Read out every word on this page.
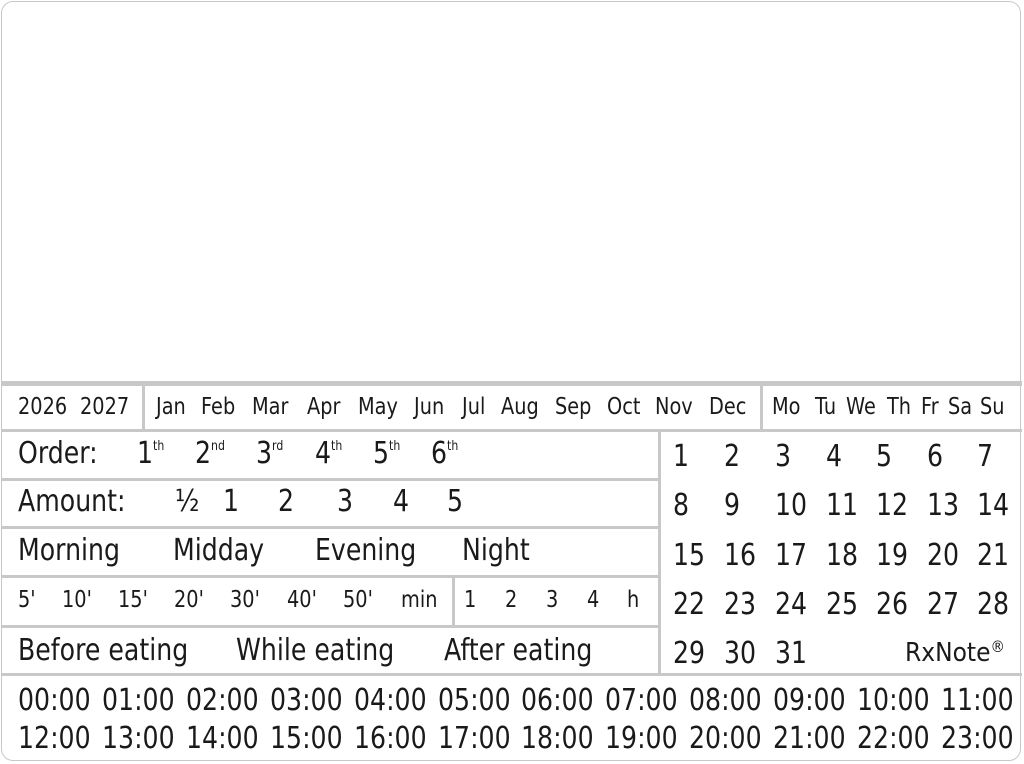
2026 2027 Jan Feb Mar Apr May Jun Jul Aug Sep Oct Nov Dec Mo Tu We Th Fr Sa Su
Order: 1th 2nd 3rd 4th 5th 6th
Amount: ½ 1 2 3 4 5
Morning Midday Evening Night
5' 10' 15' 20' 30' 40' 50' min 1 2 3 4 h
Before eating While eating After eating
1 2 3 4 5 6 7
8 9 10 11 12 13 14
15 16 17 18 19 20 21
22 23 24 25 26 27 28
29 30 31	RxNote®
00:00 01:00 02:00 03:00 04:00 05:00 06:00 07:00 08:00 09:00 10:00 11:00
12:00 13:00 14:00 15:00 16:00 17:00 18:00 19:00 20:00 21:00 22:00 23:00
